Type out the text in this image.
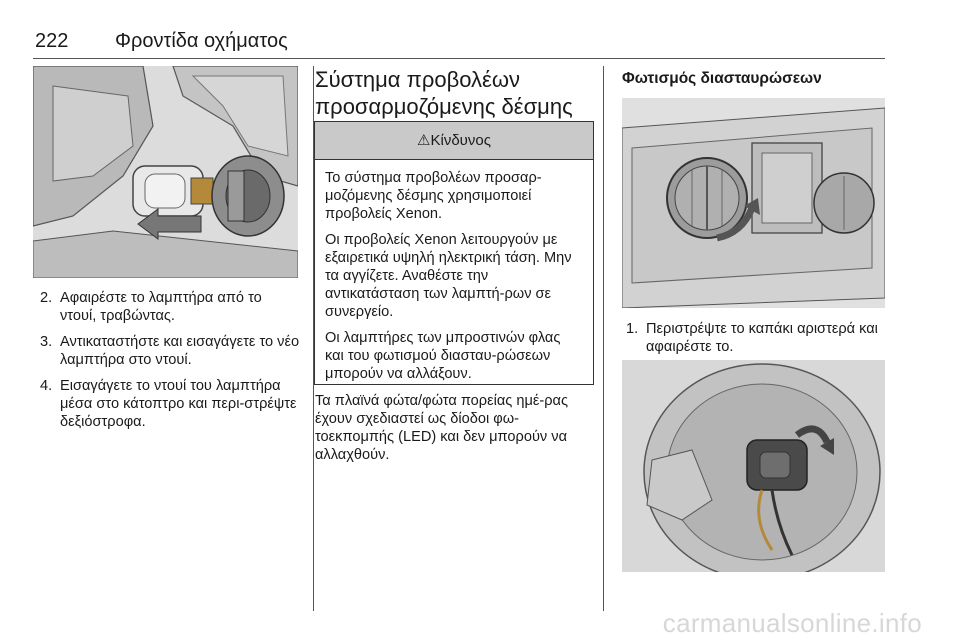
222 Φροντίδα οχήματος
2. Αφαιρέστε το λαμπτήρα από το ντουί, τραβώντας.
3. Αντικαταστήστε και εισαγάγετε το νέο λαμπτήρα στο ντουί.
4. Εισαγάγετε το ντουί του λαμπτήρα μέσα στο κάτοπτρο και περι-στρέψτε δεξιόστροφα.
Σύστημα προβολέων
προσαρμοζόμενης δέσμης
⚠Κίνδυνος

Το σύστημα προβολέων προσαρ-μοζόμενης δέσμης χρησιμοποιεί προβολείς Xenon.

Οι προβολείς Xenon λειτουργούν με εξαιρετικά υψηλή ηλεκτρική τάση. Μην τα αγγίζετε. Αναθέστε την αντικατάσταση των λαμπτή-ρων σε συνεργείο.

Οι λαμπτήρες των μπροστινών φλας και του φωτισμού διασταυ-ρώσεων μπορούν να αλλάξουν.

Τα πλαϊνά φώτα/φώτα πορείας ημέ-ρας έχουν σχεδιαστεί ως δίοδοι φω-τοεκπομπής (LED) και δεν μπορούν να αλλαχθούν.
Φωτισμός διασταυρώσεων
1. Περιστρέψτε το καπάκι αριστερά και αφαιρέστε το.
carmanualsonline.info
